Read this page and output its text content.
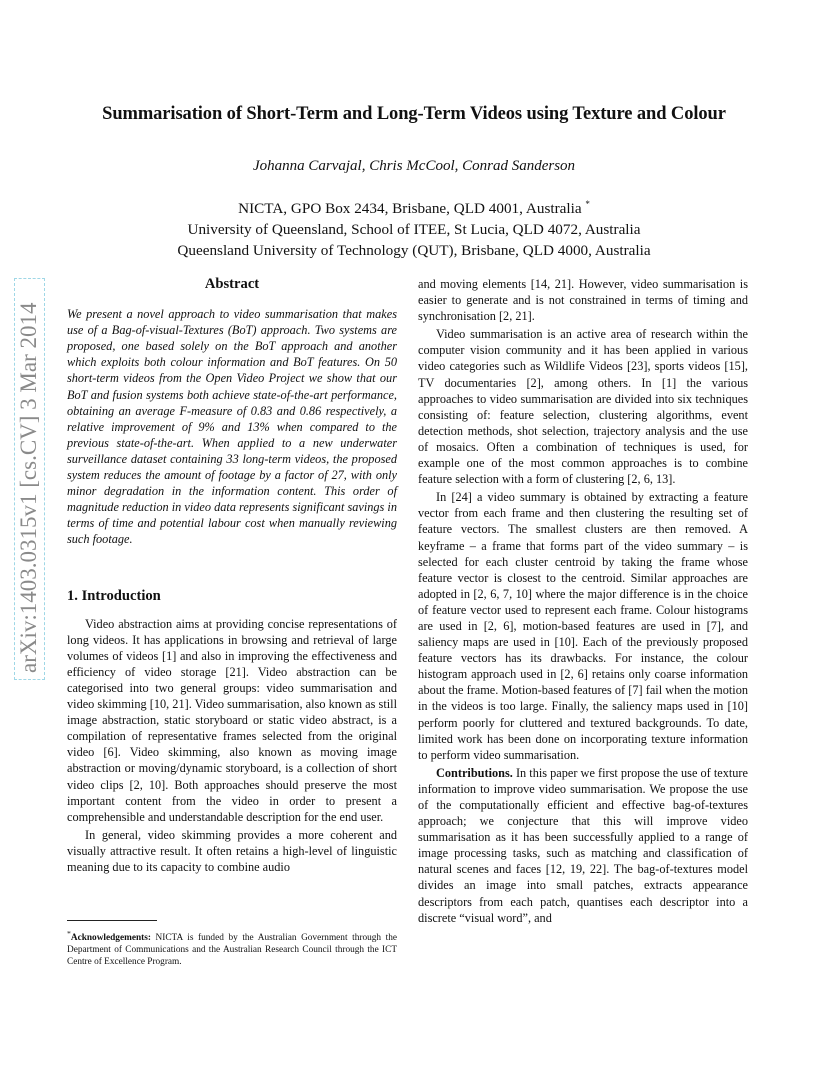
Summarisation of Short-Term and Long-Term Videos using Texture and Colour
Johanna Carvajal, Chris McCool, Conrad Sanderson
NICTA, GPO Box 2434, Brisbane, QLD 4001, Australia *
University of Queensland, School of ITEE, St Lucia, QLD 4072, Australia
Queensland University of Technology (QUT), Brisbane, QLD 4000, Australia
arXiv:1403.0315v1 [cs.CV] 3 Mar 2014
Abstract

We present a novel approach to video summarisation that makes use of a Bag-of-visual-Textures (BoT) approach. Two systems are proposed, one based solely on the BoT approach and another which exploits both colour information and BoT features. On 50 short-term videos from the Open Video Project we show that our BoT and fusion systems both achieve state-of-the-art performance, obtaining an average F-measure of 0.83 and 0.86 respectively, a relative improvement of 9% and 13% when compared to the previous state-of-the-art. When applied to a new underwater surveillance dataset containing 33 long-term videos, the proposed system reduces the amount of footage by a factor of 27, with only minor degradation in the information content. This order of magnitude reduction in video data represents significant savings in terms of time and potential labour cost when manually reviewing such footage.

1. Introduction

Video abstraction aims at providing concise representations of long videos. It has applications in browsing and retrieval of large volumes of videos [1] and also in improving the effectiveness and efficiency of video storage [21]. Video abstraction can be categorised into two general groups: video summarisation and video skimming [10, 21]. Video summarisation, also known as still image abstraction, static storyboard or static video abstract, is a compilation of representative frames selected from the original video [6]. Video skimming, also known as moving image abstraction or moving/dynamic storyboard, is a collection of short video clips [2, 10]. Both approaches should preserve the most important content from the video in order to present a comprehensible and understandable description for the end user.

In general, video skimming provides a more coherent and visually attractive result. It often retains a high-level of linguistic meaning due to its capacity to combine audio

*Acknowledgements: NICTA is funded by the Australian Government through the Department of Communications and the Australian Research Council through the ICT Centre of Excellence Program.

and moving elements [14, 21]. However, video summarisation is easier to generate and is not constrained in terms of timing and synchronisation [2, 21].

Video summarisation is an active area of research within the computer vision community and it has been applied in various video categories such as Wildlife Videos [23], sports videos [15], TV documentaries [2], among others. In [1] the various approaches to video summarisation are divided into six techniques consisting of: feature selection, clustering algorithms, event detection methods, shot selection, trajectory analysis and the use of mosaics. Often a combination of techniques is used, for example one of the most common approaches is to combine feature selection with a form of clustering [2, 6, 13].

In [24] a video summary is obtained by extracting a feature vector from each frame and then clustering the resulting set of feature vectors. The smallest clusters are then removed. A keyframe – a frame that forms part of the video summary – is selected for each cluster centroid by taking the frame whose feature vector is closest to the centroid. Similar approaches are adopted in [2, 6, 7, 10] where the major difference is in the choice of feature vector used to represent each frame. Colour histograms are used in [2, 6], motion-based features are used in [7], and saliency maps are used in [10]. Each of the previously proposed feature vectors has its drawbacks. For instance, the colour histogram approach used in [2, 6] retains only coarse information about the frame. Motion-based features of [7] fail when the motion in the videos is too large. Finally, the saliency maps used in [10] perform poorly for cluttered and textured backgrounds. To date, limited work has been done on incorporating texture information to perform video summarisation.

Contributions. In this paper we first propose the use of texture information to improve video summarisation. We propose the use of the computationally efficient and effective bag-of-textures approach; we conjecture that this will improve video summarisation as it has been successfully applied to a range of image processing tasks, such as matching and classification of natural scenes and faces [12, 19, 22]. The bag-of-textures model divides an image into small patches, extracts appearance descriptors from each patch, quantises each descriptor into a discrete “visual word”, and
